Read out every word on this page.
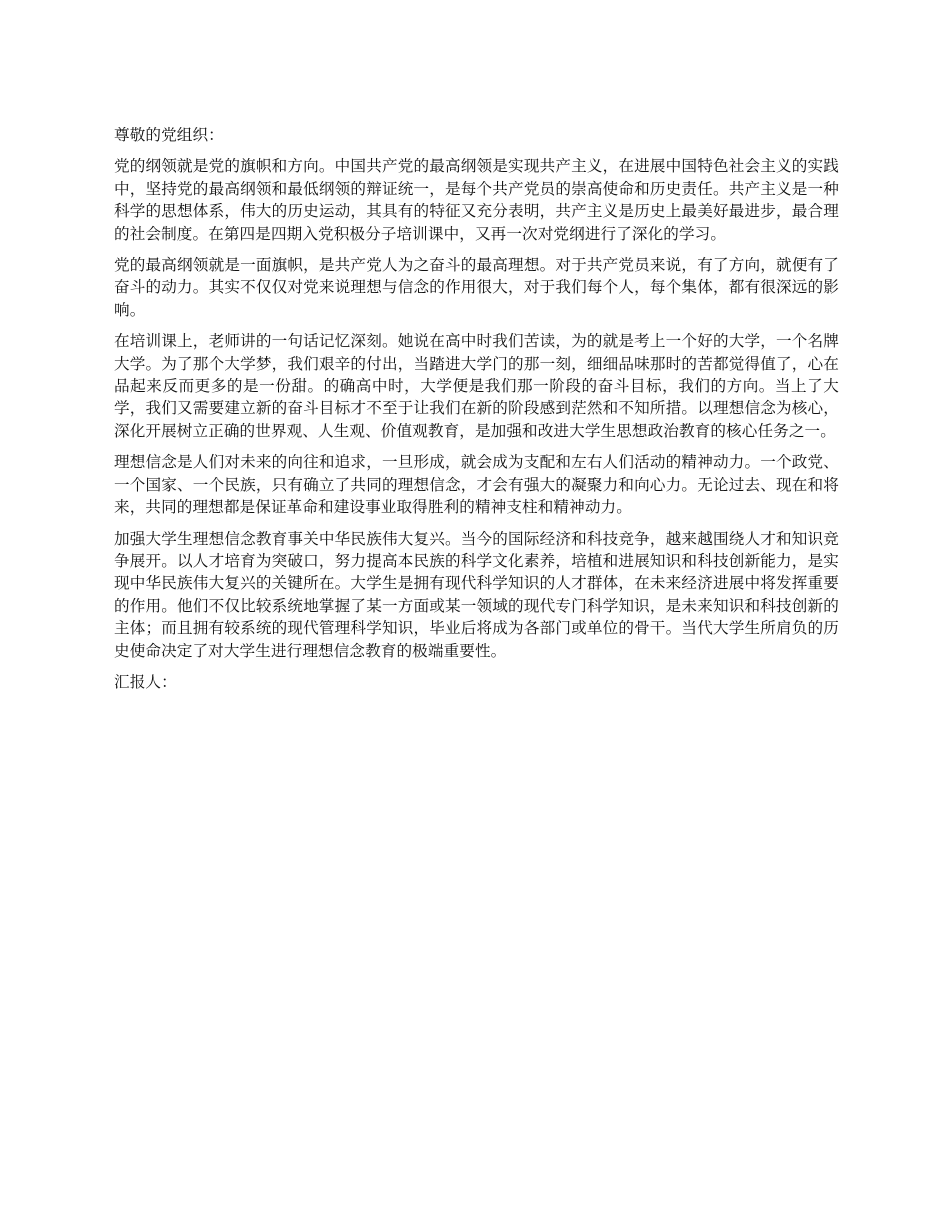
尊敬的党组织：

党的纲领就是党的旗帜和方向。中国共产党的最高纲领是实现共产主义，在进展中国特色社会主义的实践中，坚持党的最高纲领和最低纲领的辩证统一，是每个共产党员的崇高使命和历史责任。共产主义是一种科学的思想体系，伟大的历史运动，其具有的特征又充分表明，共产主义是历史上最美好最进步，最合理的社会制度。在第四是四期入党积极分子培训课中，又再一次对党纲进行了深化的学习。

党的最高纲领就是一面旗帜，是共产党人为之奋斗的最高理想。对于共产党员来说，有了方向，就便有了奋斗的动力。其实不仅仅对党来说理想与信念的作用很大，对于我们每个人，每个集体，都有很深远的影响。

在培训课上，老师讲的一句话记忆深刻。她说在高中时我们苦读，为的就是考上一个好的大学，一个名牌大学。为了那个大学梦，我们艰辛的付出，当踏进大学门的那一刻，细细品味那时的苦都觉得值了，心在品起来反而更多的是一份甜。的确高中时，大学便是我们那一阶段的奋斗目标，我们的方向。当上了大学，我们又需要建立新的奋斗目标才不至于让我们在新的阶段感到茫然和不知所措。以理想信念为核心，深化开展树立正确的世界观、人生观、价值观教育，是加强和改进大学生思想政治教育的核心任务之一。

理想信念是人们对未来的向往和追求，一旦形成，就会成为支配和左右人们活动的精神动力。一个政党、一个国家、一个民族，只有确立了共同的理想信念，才会有强大的凝聚力和向心力。无论过去、现在和将来，共同的理想都是保证革命和建设事业取得胜利的精神支柱和精神动力。

加强大学生理想信念教育事关中华民族伟大复兴。当今的国际经济和科技竞争，越来越围绕人才和知识竞争展开。以人才培育为突破口，努力提高本民族的科学文化素养，培植和进展知识和科技创新能力，是实现中华民族伟大复兴的关键所在。大学生是拥有现代科学知识的人才群体，在未来经济进展中将发挥重要的作用。他们不仅比较系统地掌握了某一方面或某一领域的现代专门科学知识，是未来知识和科技创新的主体；而且拥有较系统的现代管理科学知识，毕业后将成为各部门或单位的骨干。当代大学生所肩负的历史使命决定了对大学生进行理想信念教育的极端重要性。

汇报人：
